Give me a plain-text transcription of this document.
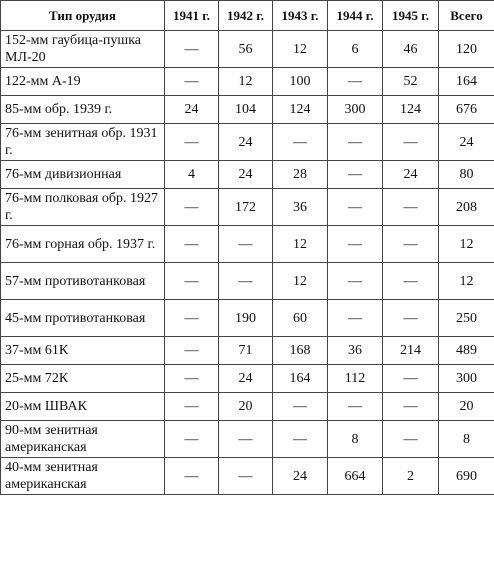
Тип орудия	1941 г.	1942 г.	1943 г.	1944 г.	1945 г.	Всего
152-мм гаубица-пушка МЛ-20	—	56	12	6	46	120
122-мм А-19	—	12	100	—	52	164
85-мм обр. 1939 г.	24	104	124	300	124	676
76-мм зенитная обр. 1931 г.	—	24	—	—	—	24
76-мм дивизионная	4	24	28	—	24	80
76-мм полковая обр. 1927 г.	—	172	36	—	—	208
76-мм горная обр. 1937 г.	—	—	12	—	—	12
57-мм противотанковая	—	—	12	—	—	12
45-мм противотанковая	—	190	60	—	—	250
37-мм 61К	—	71	168	36	214	489
25-мм 72К	—	24	164	112	—	300
20-мм ШВАК	—	20	—	—	—	20
90-мм зенитная американская	—	—	—	8	—	8
40-мм зенитная американская	—	—	24	664	2	690
